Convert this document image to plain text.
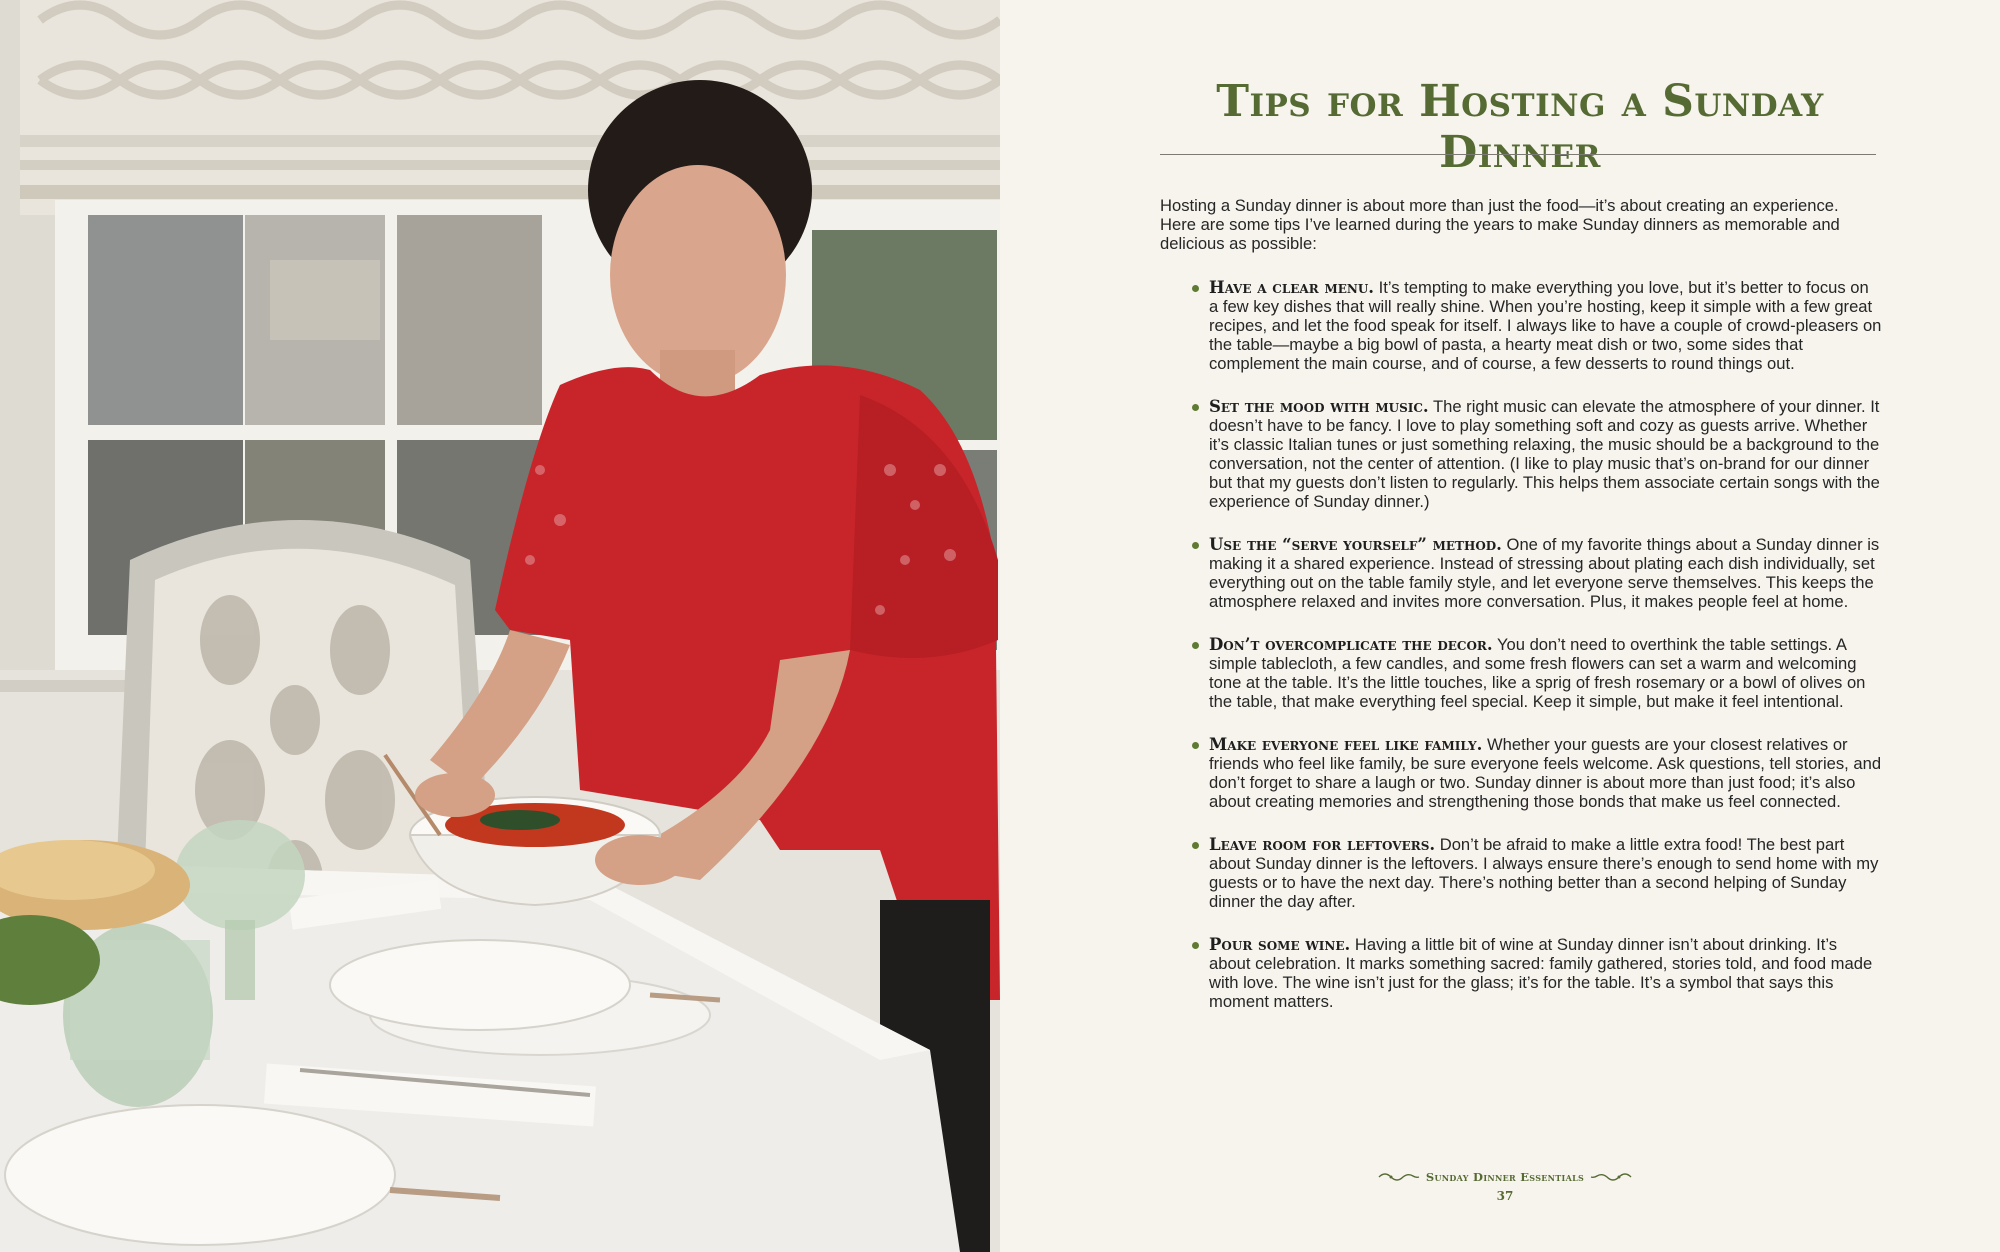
Tips for Hosting a Sunday Dinner

Hosting a Sunday dinner is about more than just the food—it’s about creating an experience. Here are some tips I’ve learned during the years to make Sunday dinners as memorable and delicious as possible:

Have a clear menu. It’s tempting to make everything you love, but it’s better to focus on a few key dishes that will really shine. When you’re hosting, keep it simple with a few great recipes, and let the food speak for itself. I always like to have a couple of crowd-pleasers on the table—maybe a big bowl of pasta, a hearty meat dish or two, some sides that complement the main course, and of course, a few desserts to round things out.
Set the mood with music. The right music can elevate the atmosphere of your dinner. It doesn’t have to be fancy. I love to play something soft and cozy as guests arrive. Whether it’s classic Italian tunes or just something relaxing, the music should be a background to the conversation, not the center of attention. (I like to play music that’s on-brand for our dinner but that my guests don’t listen to regularly. This helps them associate certain songs with the experience of Sunday dinner.)
Use the “serve yourself” method. One of my favorite things about a Sunday dinner is making it a shared experience. Instead of stressing about plating each dish individually, set everything out on the table family style, and let everyone serve themselves. This keeps the atmosphere relaxed and invites more conversation. Plus, it makes people feel at home.
Don’t overcomplicate the decor. You don’t need to overthink the table settings. A simple tablecloth, a few candles, and some fresh flowers can set a warm and welcoming tone at the table. It’s the little touches, like a sprig of fresh rosemary or a bowl of olives on the table, that make everything feel special. Keep it simple, but make it feel intentional.
Make everyone feel like family. Whether your guests are your closest relatives or friends who feel like family, be sure everyone feels welcome. Ask questions, tell stories, and don’t forget to share a laugh or two. Sunday dinner is about more than just food; it’s also about creating memories and strengthening those bonds that make us feel connected.
Leave room for leftovers. Don’t be afraid to make a little extra food! The best part about Sunday dinner is the leftovers. I always ensure there’s enough to send home with my guests or to have the next day. There’s nothing better than a second helping of Sunday dinner the day after.
Pour some wine. Having a little bit of wine at Sunday dinner isn’t about drinking. It’s about celebration. It marks something sacred: family gathered, stories told, and food made with love. The wine isn’t just for the glass; it’s for the table. It’s a symbol that says this moment matters.
Sunday Dinner Essentials
37
